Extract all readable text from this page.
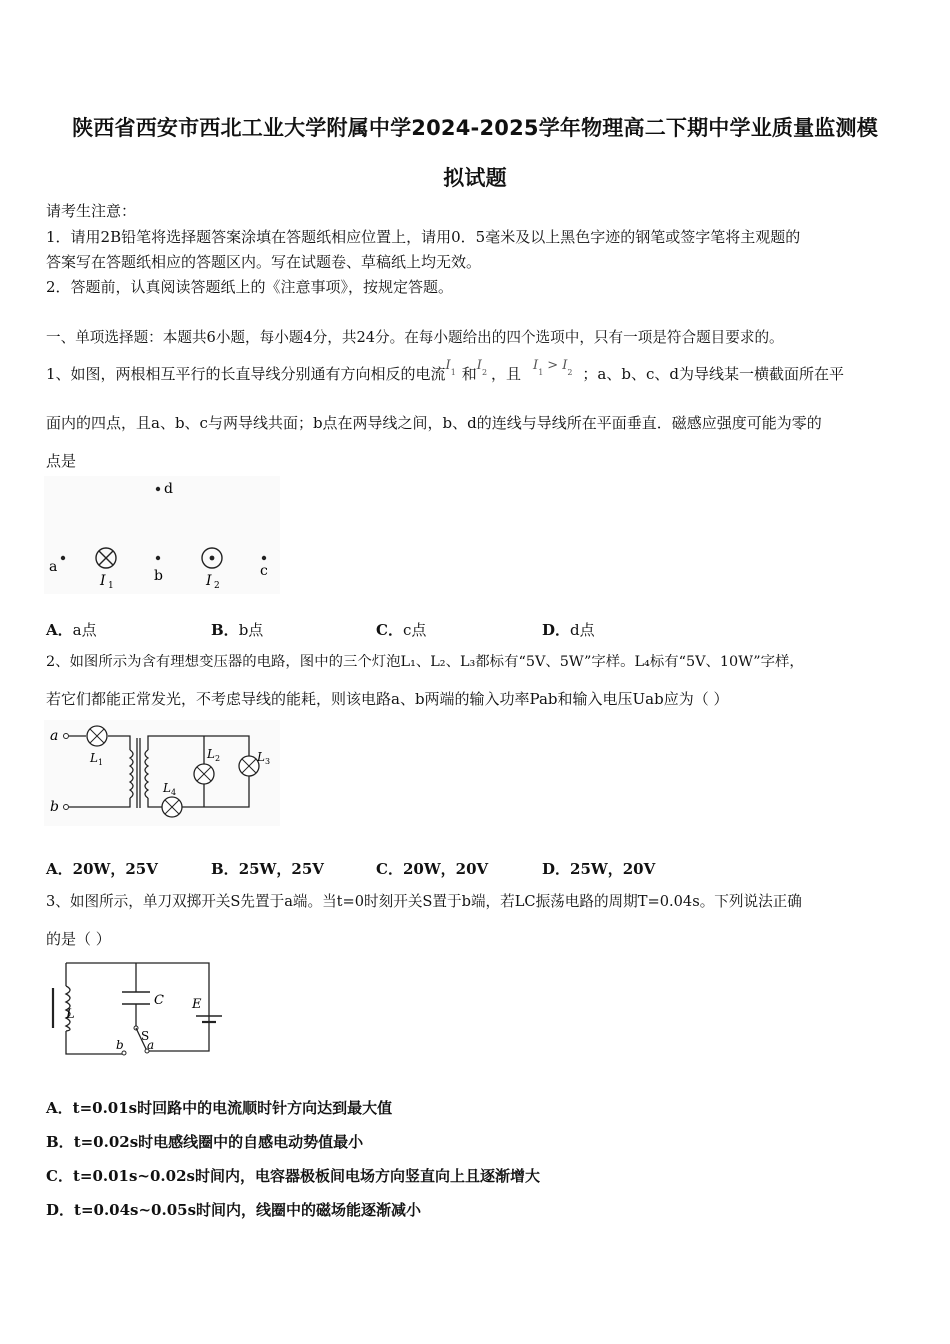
陕西省西安市西北工业大学附属中学2024-2025学年物理高二下期中学业质量监测模
拟试题
请考生注意：
1．请用2B铅笔将选择题答案涂填在答题纸相应位置上，请用0．5毫米及以上黑色字迹的钢笔或签字笔将主观题的
答案写在答题纸相应的答题区内。写在试题卷、草稿纸上均无效。
2．答题前，认真阅读答题纸上的《注意事项》，按规定答题。
一、单项选择题：本题共6小题，每小题4分，共24分。在每小题给出的四个选项中，只有一项是符合题目要求的。
1、如图，两根相互平行的长直导线分别通有方向相反的电流$I_1$ 和$I_2$ ，且 $I_1 > I_2$ ；a、b、c、d为导线某一横截面所在平
面内的四点，且a、b、c与两导线共面；b点在两导线之间，b、d的连线与导线所在平面垂直．磁感应强度可能为零的
点是
d
a
I 1
b	I 2
c
A．a点	B．b点	C．c点	D．d点
2、如图所示为含有理想变压器的电路，图中的三个灯泡L₁、L₂、L₃都标有“5V、5W”字样。L₄标有“5V、10W”字样，
若它们都能正常发光，不考虑导线的能耗，则该电路a、b两端的输入功率Pab和输入电压Uab应为（ ）
a
b
L 1
L 2	L 3
L 4
A．20W，25V	B．25W，25V	C．20W，20V	D．25W，20V
3、如图所示，单刀双掷开关S先置于a端。当t=0时刻开关S置于b端，若LC振荡电路的周期T=0.04s。下列说法正确
的是（ ）
L
C E
S
a
b
A．t=0.01s时回路中的电流顺时针方向达到最大值
B．t=0.02s时电感线圈中的自感电动势值最小
C．t=0.01s~0.02s时间内，电容器极板间电场方向竖直向上且逐渐增大
D．t=0.04s~0.05s时间内，线圈中的磁场能逐渐减小
